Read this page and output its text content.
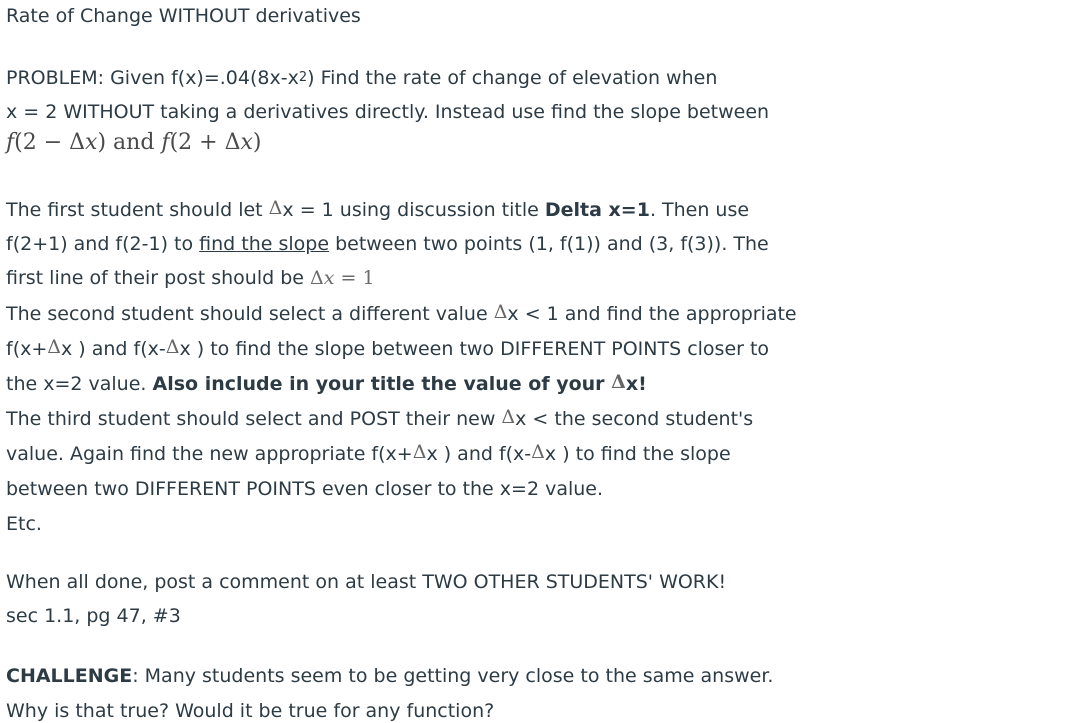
Rate of Change WITHOUT derivatives
PROBLEM: Given $f(x)=.04(8x-x^2)$ Find the rate of change of elevation when
x = 2 WITHOUT taking a derivatives directly. Instead use find the slope between
f(2 − Δx) and f(2 + Δx)
The first student should let Δx = 1 using discussion title Delta x=1. Then use
f(2+1) and f(2-1) to find the slope between two points (1, f(1)) and (3, f(3)). The
first line of their post should be Δx = 1
The second student should select a different value Δx < 1 and find the appropriate
f(x+Δx ) and f(x-Δx ) to find the slope between two DIFFERENT POINTS closer to
the x=2 value. Also include in your title the value of your Δx!
The third student should select and POST their new Δx < the second student's
value. Again find the new appropriate f(x+Δx ) and f(x-Δx ) to find the slope
between two DIFFERENT POINTS even closer to the x=2 value.
Etc.
When all done, post a comment on at least TWO OTHER STUDENTS' WORK!
sec 1.1, pg 47, #3
CHALLENGE: Many students seem to be getting very close to the same answer.
Why is that true? Would it be true for any function?
